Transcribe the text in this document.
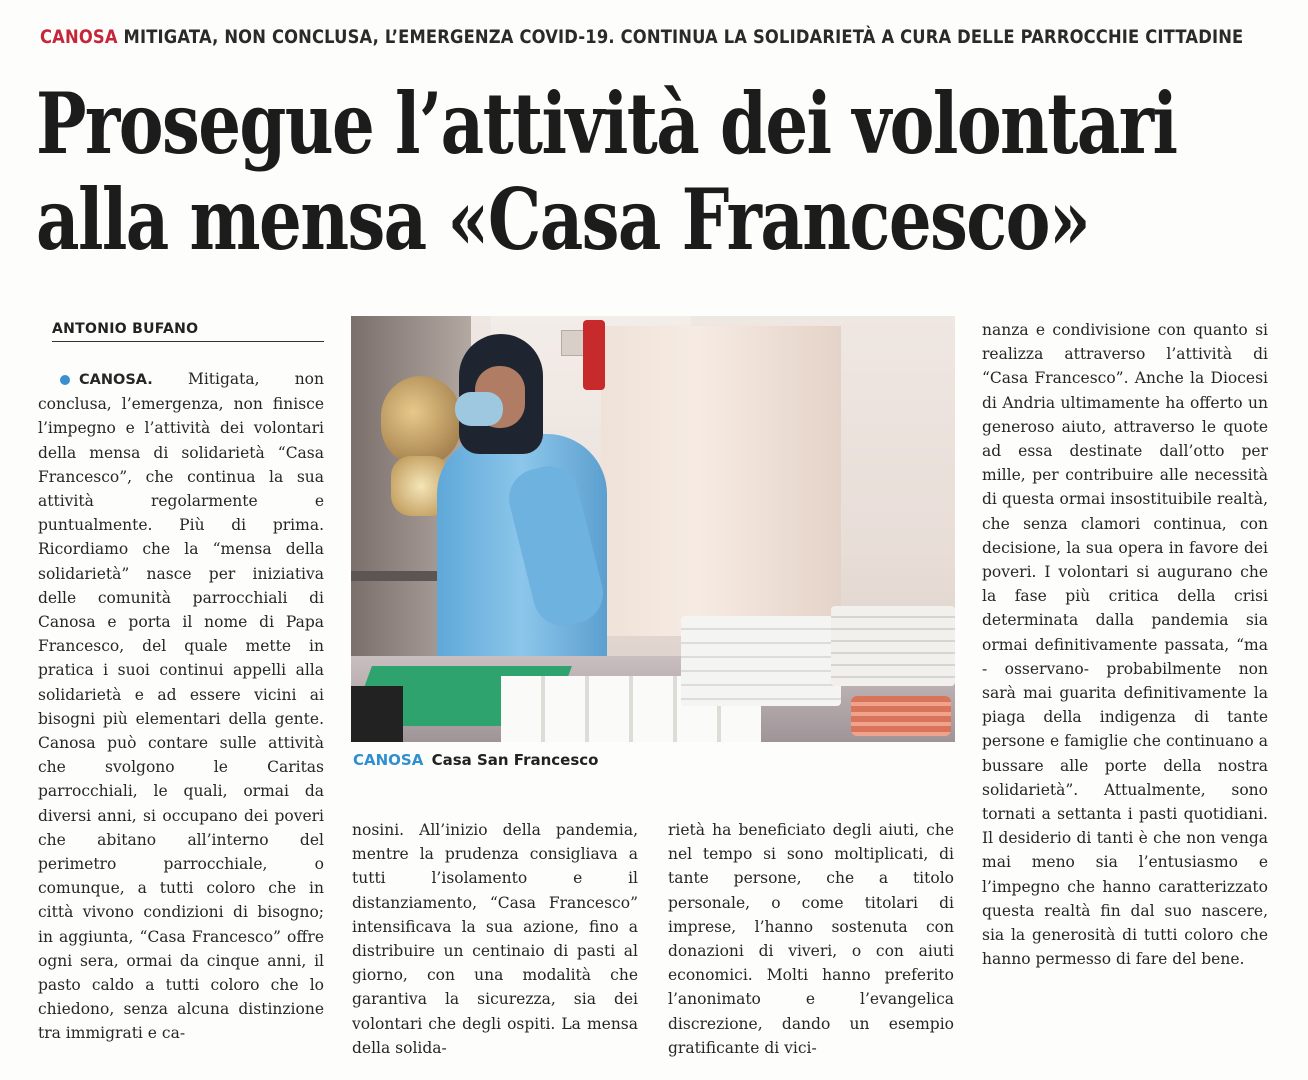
CANOSA MITIGATA, NON CONCLUSA, L’EMERGENZA COVID-19. CONTINUA LA SOLIDARIETÀ A CURA DELLE PARROCCHIE CITTADINE
Prosegue l’attività dei volontari
alla mensa «Casa Francesco»
ANTONIO BUFANO

CANOSA. Mitigata, non conclusa, l’emergenza, non finisce l’impegno e l’attività dei volontari della mensa di solidarietà “Casa Francesco”, che continua la sua attività regolarmente e puntualmente. Più di prima. Ricordiamo che la “mensa della solidarietà” nasce per iniziativa delle comunità parrocchiali di Canosa e porta il nome di Papa Francesco, del quale mette in pratica i suoi continui appelli alla solidarietà e ad essere vicini ai bisogni più elementari della gente. Canosa può contare sulle attività che svolgono le Caritas parrocchiali, le quali, ormai da diversi anni, si occupano dei poveri che abitano all’interno del perimetro parrocchiale, o comunque, a tutti coloro che in città vivono condizioni di bisogno; in aggiunta, “Casa Francesco” offre ogni sera, ormai da cinque anni, il pasto caldo a tutti coloro che lo chiedono, senza alcuna distinzione tra immigrati e ca-

CANOSA Casa San Francesco

nosini. All’inizio della pandemia, mentre la prudenza consigliava a tutti l’isolamento e il distanziamento, “Casa Francesco” intensificava la sua azione, fino a distribuire un centinaio di pasti al giorno, con una modalità che garantiva la sicurezza, sia dei volontari che degli ospiti. La mensa della solida-

rietà ha beneficiato degli aiuti, che nel tempo si sono moltiplicati, di tante persone, che a titolo personale, o come titolari di imprese, l’hanno sostenuta con donazioni di viveri, o con aiuti economici. Molti hanno preferito l’anonimato e l’evangelica discrezione, dando un esempio gratificante di vici-

nanza e condivisione con quanto si realizza attraverso l’attività di “Casa Francesco”. Anche la Diocesi di Andria ultimamente ha offerto un generoso aiuto, attraverso le quote ad essa destinate dall’otto per mille, per contribuire alle necessità di questa ormai insostituibile realtà, che senza clamori continua, con decisione, la sua opera in favore dei poveri. I volontari si augurano che la fase più critica della crisi determinata dalla pandemia sia ormai definitivamente passata, “ma - osservano- probabilmente non sarà mai guarita definitivamente la piaga della indigenza di tante persone e famiglie che continuano a bussare alle porte della nostra solidarietà”. Attualmente, sono tornati a settanta i pasti quotidiani. Il desiderio di tanti è che non venga mai meno sia l’entusiasmo e l’impegno che hanno caratterizzato questa realtà fin dal suo nascere, sia la generosità di tutti coloro che hanno permesso di fare del bene.
